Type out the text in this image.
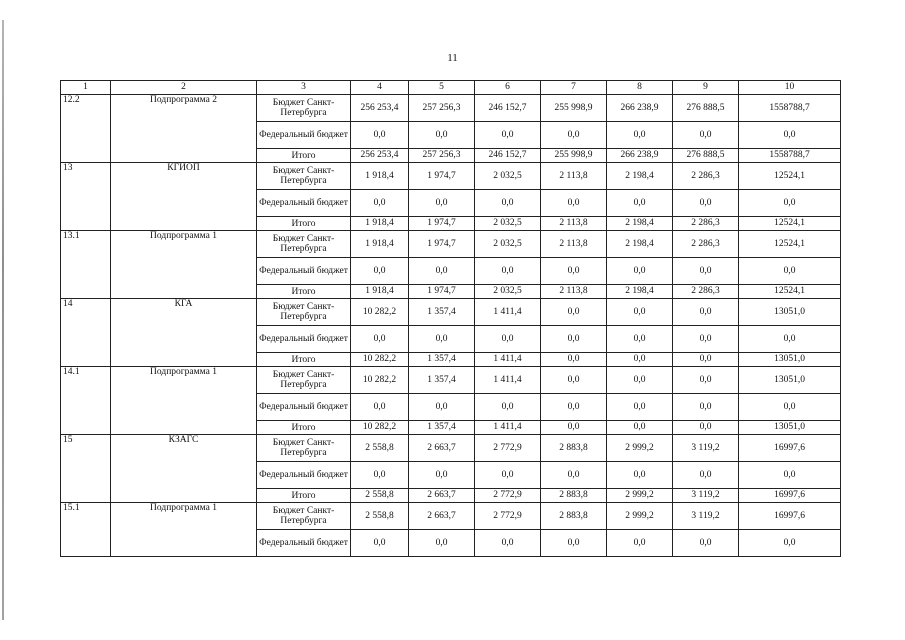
11
1	2	3	4	5	6	7	8	9	10
12.2	Подпрограмма 2	Бюджет Санкт-Петербурга	256 253,4	257 256,3	246 152,7	255 998,9	266 238,9	276 888,5	1558788,7
		Федеральный бюджет	0,0	0,0	0,0	0,0	0,0	0,0	0,0
		Итого	256 253,4	257 256,3	246 152,7	255 998,9	266 238,9	276 888,5	1558788,7
13	КГИОП	Бюджет Санкт-Петербурга	1 918,4	1 974,7	2 032,5	2 113,8	2 198,4	2 286,3	12524,1
		Федеральный бюджет	0,0	0,0	0,0	0,0	0,0	0,0	0,0
		Итого	1 918,4	1 974,7	2 032,5	2 113,8	2 198,4	2 286,3	12524,1
13.1	Подпрограмма 1	Бюджет Санкт-Петербурга	1 918,4	1 974,7	2 032,5	2 113,8	2 198,4	2 286,3	12524,1
		Федеральный бюджет	0,0	0,0	0,0	0,0	0,0	0,0	0,0
		Итого	1 918,4	1 974,7	2 032,5	2 113,8	2 198,4	2 286,3	12524,1
14	КГА	Бюджет Санкт-Петербурга	10 282,2	1 357,4	1 411,4	0,0	0,0	0,0	13051,0
		Федеральный бюджет	0,0	0,0	0,0	0,0	0,0	0,0	0,0
		Итого	10 282,2	1 357,4	1 411,4	0,0	0,0	0,0	13051,0
14.1	Подпрограмма 1	Бюджет Санкт-Петербурга	10 282,2	1 357,4	1 411,4	0,0	0,0	0,0	13051,0
		Федеральный бюджет	0,0	0,0	0,0	0,0	0,0	0,0	0,0
		Итого	10 282,2	1 357,4	1 411,4	0,0	0,0	0,0	13051,0
15	КЗАГС	Бюджет Санкт-Петербурга	2 558,8	2 663,7	2 772,9	2 883,8	2 999,2	3 119,2	16997,6
		Федеральный бюджет	0,0	0,0	0,0	0,0	0,0	0,0	0,0
		Итого	2 558,8	2 663,7	2 772,9	2 883,8	2 999,2	3 119,2	16997,6
15.1	Подпрограмма 1	Бюджет Санкт-Петербурга	2 558,8	2 663,7	2 772,9	2 883,8	2 999,2	3 119,2	16997,6
		Федеральный бюджет	0,0	0,0	0,0	0,0	0,0	0,0	0,0
